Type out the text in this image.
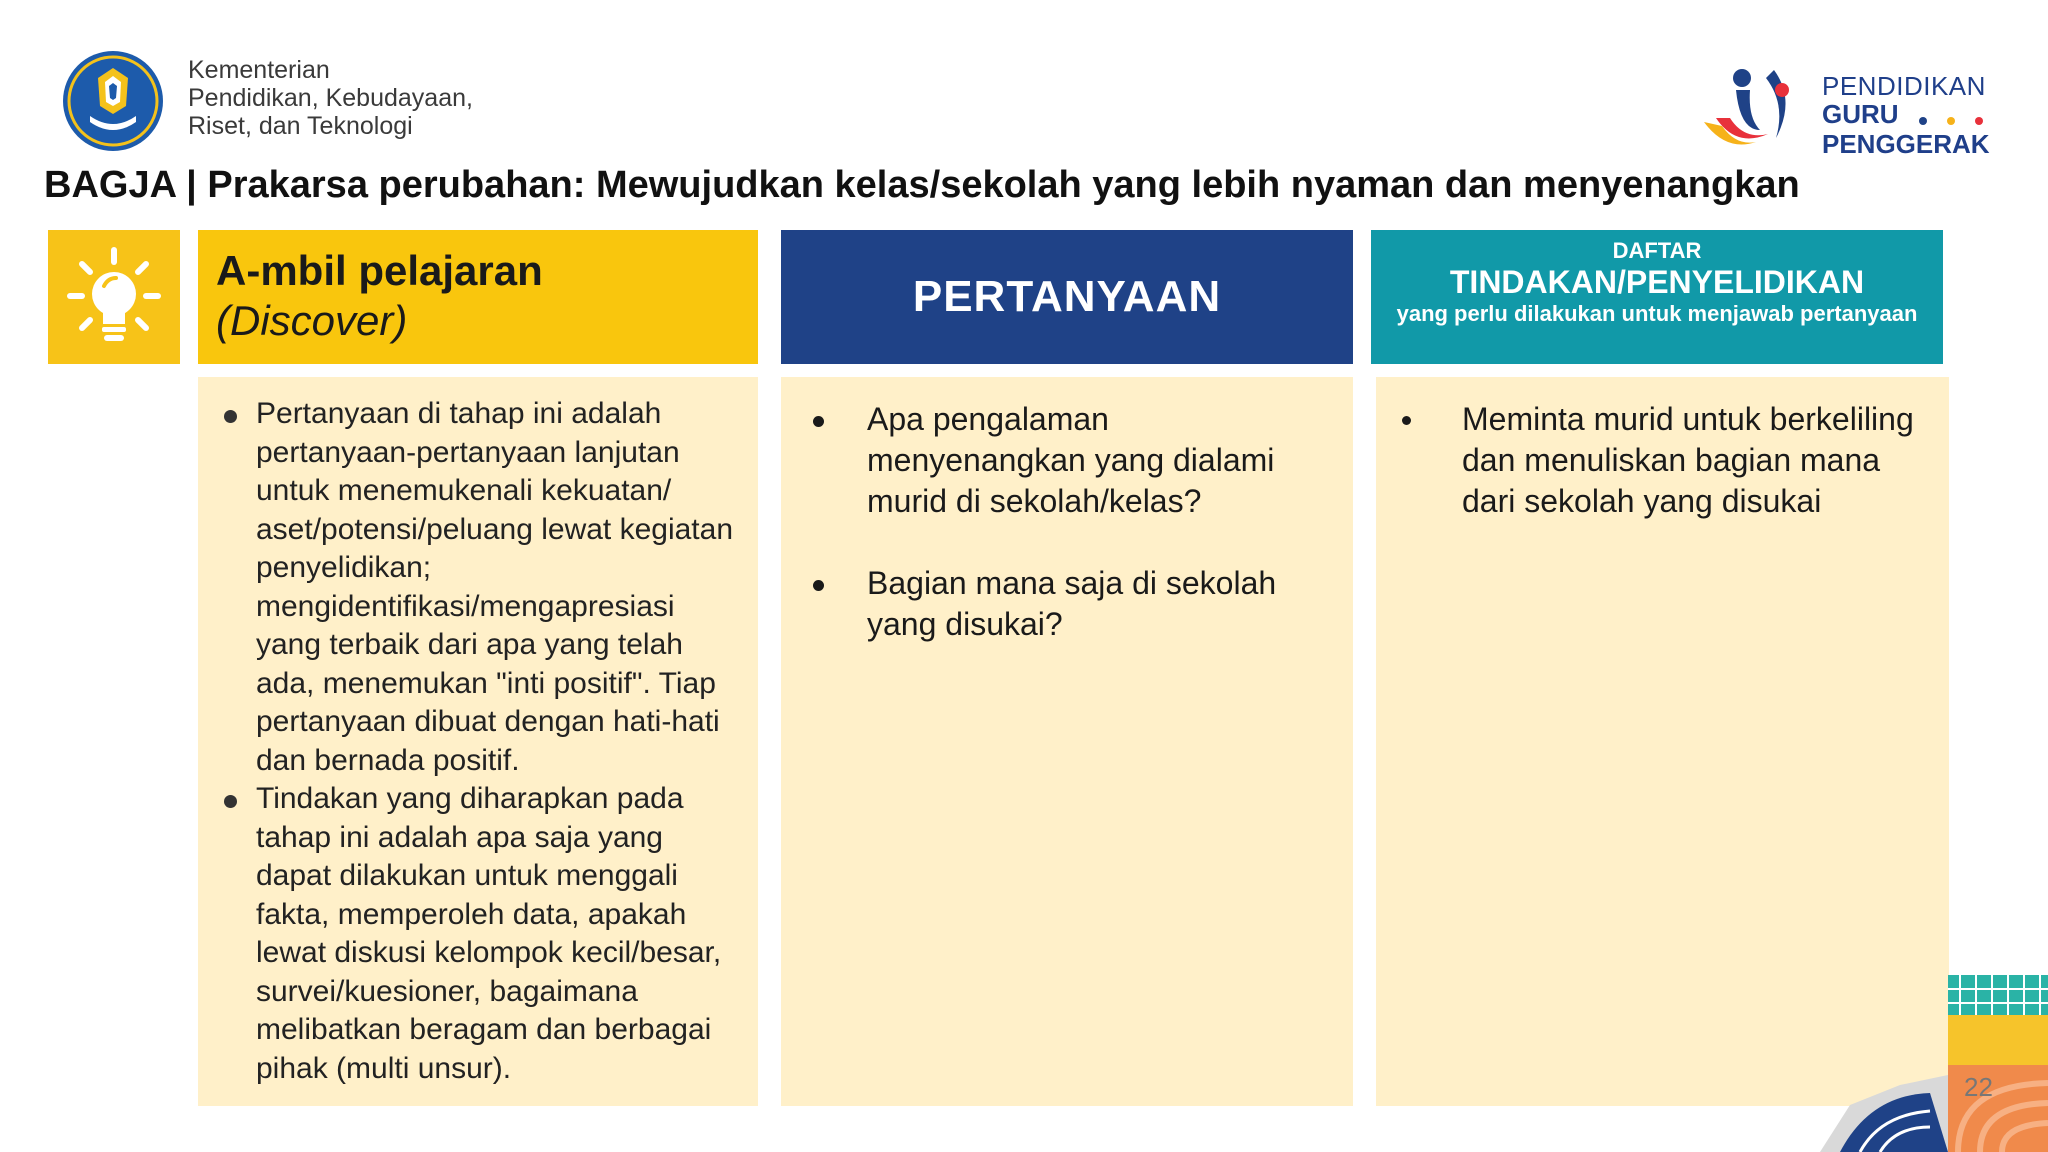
Kementerian
Pendidikan, Kebudayaan,
Riset, dan Teknologi
PENDIDIKAN
GURU
PENGGERAK
BAGJA | Prakarsa perubahan: Mewujudkan kelas/sekolah yang lebih nyaman dan menyenangkan
A-mbil pelajaran
(Discover)	PERTANYAAN
DAFTAR
TINDAKAN/PENYELIDIKAN
yang perlu dilakukan untuk menjawab pertanyaan
Pertanyaan di tahap ini adalah pertanyaan-pertanyaan lanjutan untuk menemukenali kekuatan/ aset/potensi/peluang lewat kegiatan penyelidikan; mengidentifikasi/mengapresiasi yang terbaik dari apa yang telah ada, menemukan "inti positif". Tiap pertanyaan dibuat dengan hati-hati dan bernada positif.
Tindakan yang diharapkan pada tahap ini adalah apa saja yang dapat dilakukan untuk menggali fakta, memperoleh data, apakah lewat diskusi kelompok kecil/besar, survei/kuesioner, bagaimana melibatkan beragam dan berbagai pihak (multi unsur).
Apa pengalaman menyenangkan yang dialami murid di sekolah/kelas?
Bagian mana saja di sekolah yang disukai?
Meminta murid untuk berkeliling dan menuliskan bagian mana dari sekolah yang disukai
22
